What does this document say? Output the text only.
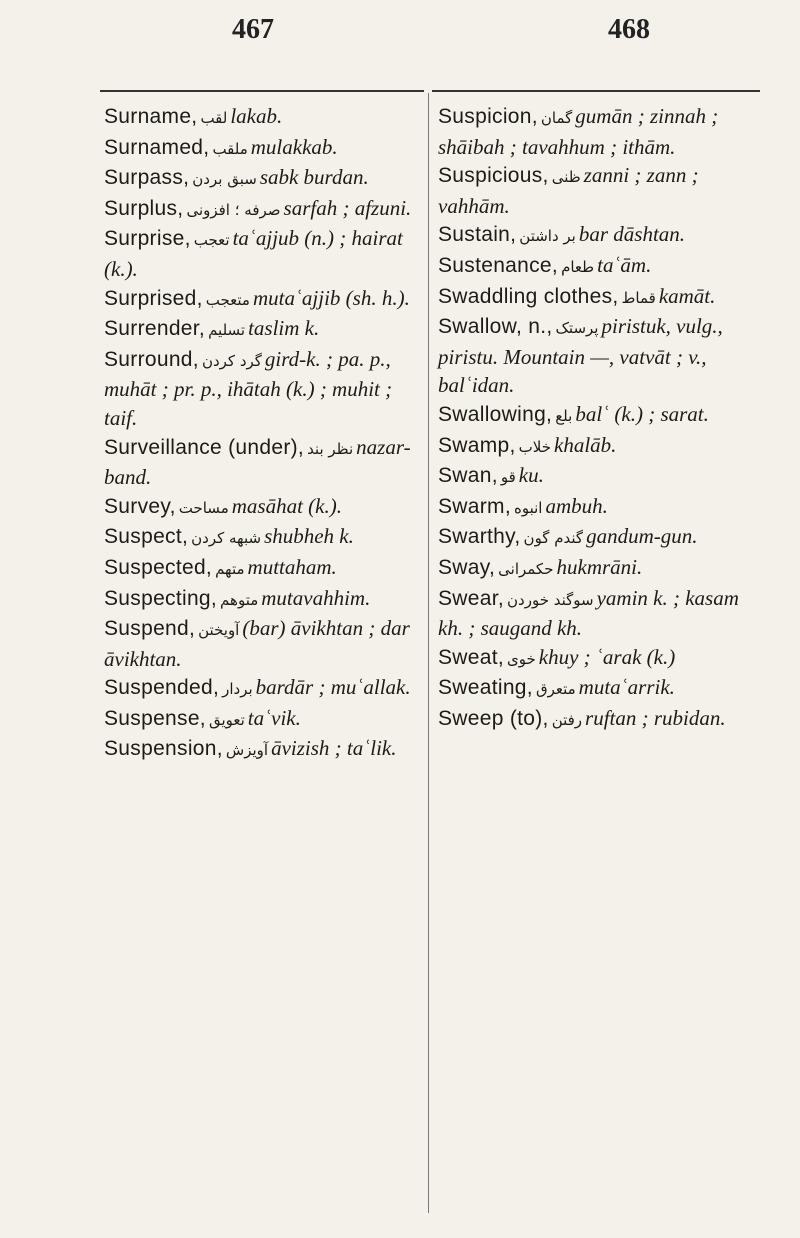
467	468

Surname, لقب lakab.

Surnamed, ملقب mulakkab.

Surpass, سبق بردن sabk burdan.

Surplus, صرفه ؛ افزونی sarfah ; afzuni.

Surprise, تعجب taʿajjub (n.) ; hairat (k.).

Surprised, متعجب mutaʿajjib (sh. h.).

Surrender, تسلیم taslim k.

Surround, گرد کردن gird-k. ; pa. p., muhāt ; pr. p., ihātah (k.) ; muhit ; taif.

Surveillance (under), نظر بند nazar-band.

Survey, مساحت masāhat (k.).

Suspect, شبهه کردن shubheh k.

Suspected, متهم muttaham.

Suspecting, متوهم mutavahhim.

Suspend, آویختن (bar) āvikhtan ; dar āvikhtan.

Suspended, بردار bardār ; muʿallak.

Suspense, تعویق taʿvik.

Suspension, آویزش āvizish ; taʿlik.

Suspicion, گمان gumān ; zinnah ; shāibah ; tavahhum ; ithām.

Suspicious, ظنی zanni ; zann ; vahhām.

Sustain, بر داشتن bar dāshtan.

Sustenance, طعام taʿām.

Swaddling clothes, قماط kamāt.

Swallow, n., پرستک piristuk, vulg., piristu. Mountain —, vatvāt ; v., balʿidan.

Swallowing, بلع balʿ (k.) ; sarat.

Swamp, خلاب khalāb.

Swan, قو ku.

Swarm, انبوه ambuh.

Swarthy, گندم گون gandum-gun.

Sway, حکمرانی hukmrāni.

Swear, سوگند خوردن yamin k. ; kasam kh. ; saugand kh.

Sweat, خوی khuy ; ʿarak (k.)

Sweating, متعرق mutaʿarrik.

Sweep (to), رفتن ruftan ; rubidan.
